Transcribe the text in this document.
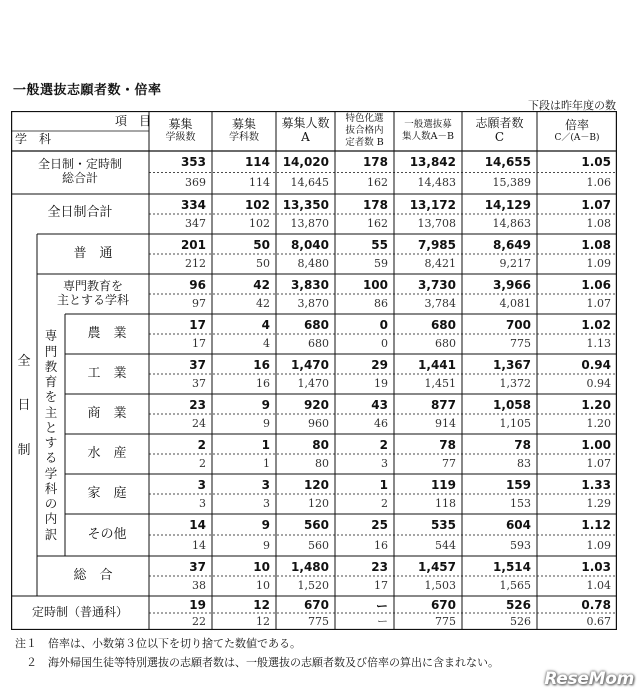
一般選抜志願者数・倍率
下段は昨年度の数
項　目
学　科
募集
学級数
募集
学科数
募集人数
A
特色化選
抜合格内
定者数 B
一般選抜募
集人数A－B
志願者数
C
倍率
C／(A－B)
全
日
制
専
門
教
育
を
主
と
す
る
学
科
の
内
訳
全日制・定時制
総合計
353
369
114
114
14,020
14,645
178
162
13,842
14,483
14,655
15,389
1.05
1.06
全日制合計
334
347
102
102
13,350
13,870
178
162
13,172
13,708
14,129
14,863
1.07
1.08
普　通
201
212
50
50
8,040
8,480
55
59
7,985
8,421
8,649
9,217
1.08
1.09
専門教育を
主とする学科
96
97
42
42
3,830
3,870
100
86
3,730
3,784
3,966
4,081
1.06
1.07
農　業
17
17
4
4
680
680
0
0
680
680
700
775
1.02
1.13
工　業
37
37
16
16
1,470
1,470
29
19
1,441
1,451
1,367
1,372
0.94
0.94
商　業
23
24
9
9
920
960
43
46
877
914
1,058
1,105
1.20
1.20
水　産
2
2
1
1
80
80
2
3
78
77
78
83
1.00
1.07
家　庭
3
3
3
3
120
120
1
2
119
118
159
153
1.33
1.29
その他
14
14
9
9
560
560
25
16
535
544
604
593
1.12
1.09
総　合
37
38
10
10
1,480
1,520
23
17
1,457
1,503
1,514
1,565
1.03
1.04
定時制（普通科）
19
22
12
12
670
775
ー
ー
670
775
526
526
0.78
0.67
注１　倍率は、小数第３位以下を切り捨てた数値である。
　２　海外帰国生徒等特別選抜の志願者数は、一般選抜の志願者数及び倍率の算出に含まれない。
ReseMom
